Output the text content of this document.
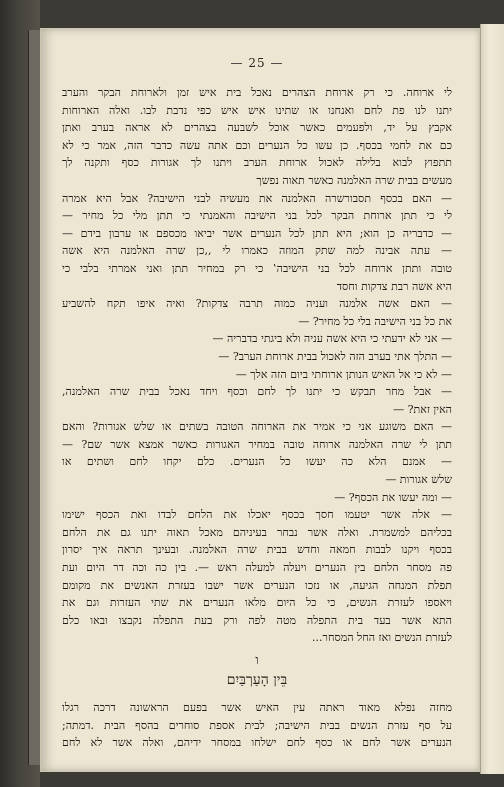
— 25 —
לי ארוחה. כי רק ארוחת הצהרים נאכל בית איש זמן ולארוחת הבקר והערב
יתנו לנו פת לחם ואנחנו או שתינו איש איש כפי נדבת לבו. ואלה הארוחות
אקבץ על יד, ולפעמים כאשר אוכל לשבעה בצהרים לא אראה בערב ואתן
כם את לחמי בכסף. כן עשו כל הנערים וכם אתה עשה כדבר הזה, אמר כי לא
תתפוץ לבוא בלילה לאכול ארוחת הערב ויתנו לך אגורות כסף ותקנה לך
מעשים בבית שרה האלמנה כאשר תאוה נפשך
— האם בכסף תסבורשרה האלמנה את מעשיה לבני הישיבה? אבל היא אמרה
לי כי תתן ארוחת הבקר לכל בני הישיבה והאמנתי כי תתן מלי כל מחיר —
— כדבריה כן הוא; היא תתן לכל הנערים אשר יביאו מכספם או ערבון בידם —
— עתה אבינה למה שתק המוזה כאמרו לי ,,כן שרה האלמנה היא אשה
טובה ותתן ארוחה לכל בני הישיבה‛ כי רק במחיר תתן ואני אמרתי בלבי כי
היא אשה רבת צדקות וחסד
— האם אשה אלמנה ועניה כמוה תרבה צדקות? ואיה איפו תקח להשביע
את כל בני הישיבה בלי כל מחיר? —
— אני לא ידעתי כי היא אשה עניה ולא ביגתי בדבריה —
— התלך אתי בערב הזה לאכול בבית ארוחת הערב? —
— לא כי אל האיש הנותן ארוחתי ביום הזה אלך —
— אבל מחר תבקש כי יתנו לך לחם וכסף ויחד נאכל בבית שרה האלמנה,
האין זאת? —
— האם משוגע אני כי אמיר את הארוחה הטובה בשתים או שלש אגורות? והאם
תתן לי שרה האלמנה ארוחה טובה במחיר האגורות כאשר אמצא אשר שם? —
— אמנם הלא כה יעשו כל הנערים. כלם יקחו לחם ושתים או
שלש אגורות —
— ומה יעשו את הכסף? —
— אלה אשר יטעמו חסך בכסף יאכלו את הלחם לבדו ואת הכסף ישימו
בכליהם למשמרת. ואלה אשר נבחר בעיניהם מאכל תאוה יתנו גם את הלחם
בכסף ויקנו לבבות חמאה וחדש בבית שרה האלמנה. ובעינך תראה איך יסרון
פה מסחר הלחם בין הנערים ויעלה למעלה ראש —. בין כה וכה דר היום ועת
תפלת המנחה הגיעה, או נזכו הנערים אשר ישבו בעזרת האנשים את מקומם
ויאספו לעזרת הנשים, כי כל היום מלאו הנערים את שתי העזרות וגם את
התא אשר בעד בית התפלה מטה לפה ורק בעת התפלה נקבצו ובאו כלם
לעזרת הנשים ואז החל המסחר...
ו
בֵּין הָעַרְבַּיִם
מחזה נפלא מאוד ראתה עין האיש אשר בפעם הראשונה דרכה רגלו
על סף עזרת הנשים בבית הישיבה; לבית אספת סוחרים בהסף הבית .דמתה;
הנערים אשר לחם או כסף לחם ישלחו במסחר ידיהם, ואלה אשר לא לחם
